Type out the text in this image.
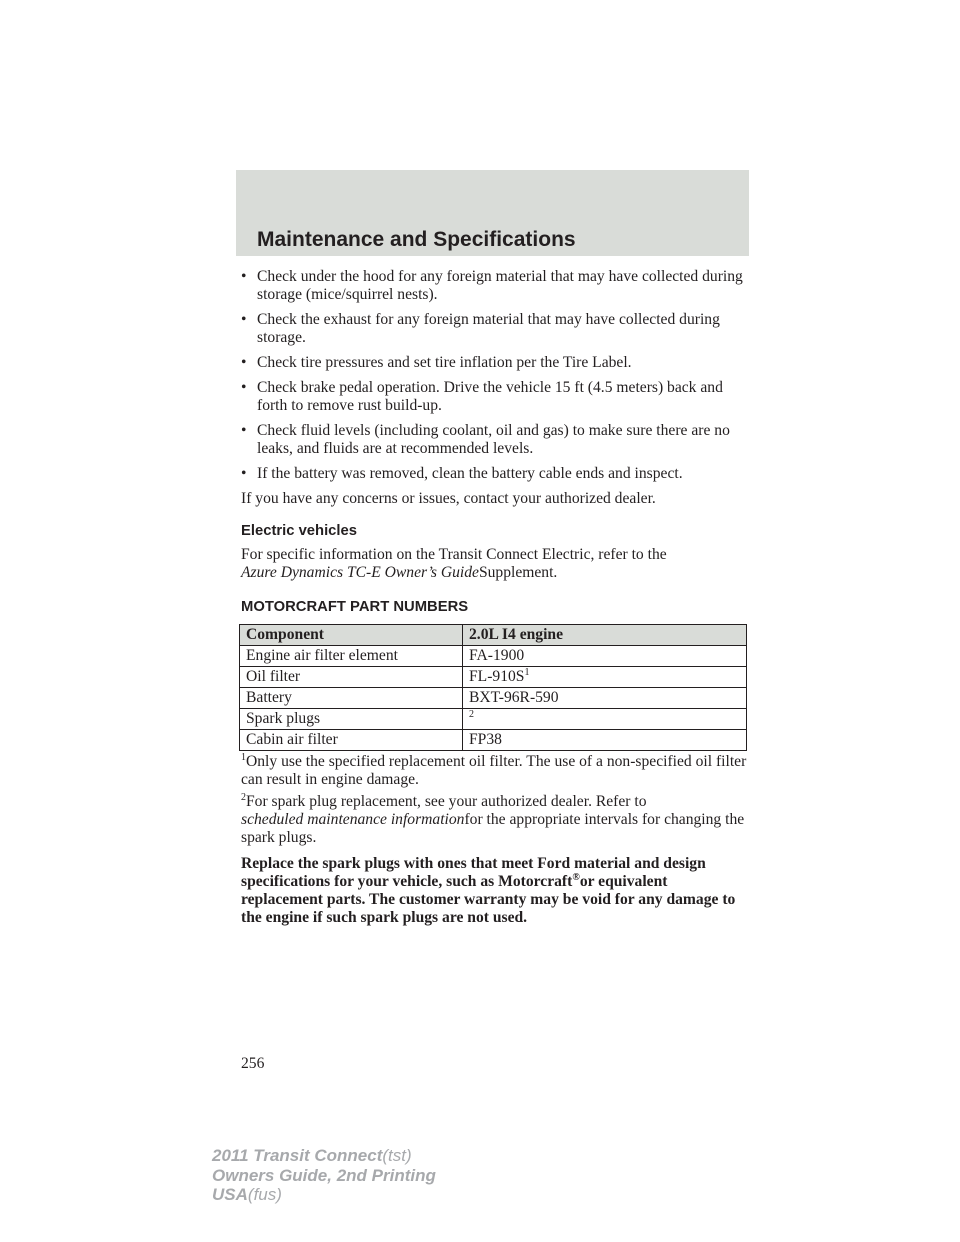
Maintenance and Specifications
• Check under the hood for any foreign material that may have collected during storage (mice/squirrel nests).
• Check the exhaust for any foreign material that may have collected during storage.
• Check tire pressures and set tire inflation per the Tire Label.
• Check brake pedal operation. Drive the vehicle 15 ft (4.5 meters) back and forth to remove rust build-up.
• Check fluid levels (including coolant, oil and gas) to make sure there are no leaks, and fluids are at recommended levels.
• If the battery was removed, clean the battery cable ends and inspect.

If you have any concerns or issues, contact your authorized dealer.

Electric vehicles

For specific information on the Transit Connect Electric, refer to the
Azure Dynamics TC-E Owner’s GuideSupplement.

MOTORCRAFT PART NUMBERS
Component	2.0L I4 engine
Engine air filter element	FA-1900
Oil filter	$FL-910S^1$
Battery	BXT-96R-590
Spark plugs	$^2$
Cabin air filter	FP38

$^1$Only use the specified replacement oil filter. The use of a non-specified oil filter can result in engine damage.

$^2$For spark plug replacement, see your authorized dealer. Refer to
scheduled maintenance informationfor the appropriate intervals for changing the spark plugs.

Replace the spark plugs with ones that meet Ford material and design specifications for your vehicle, such as Motorcraft®or equivalent replacement parts. The customer warranty may be void for any damage to the engine if such spark plugs are not used.

256
2011 Transit Connect(tst)
Owners Guide, 2nd Printing
USA(fus)
